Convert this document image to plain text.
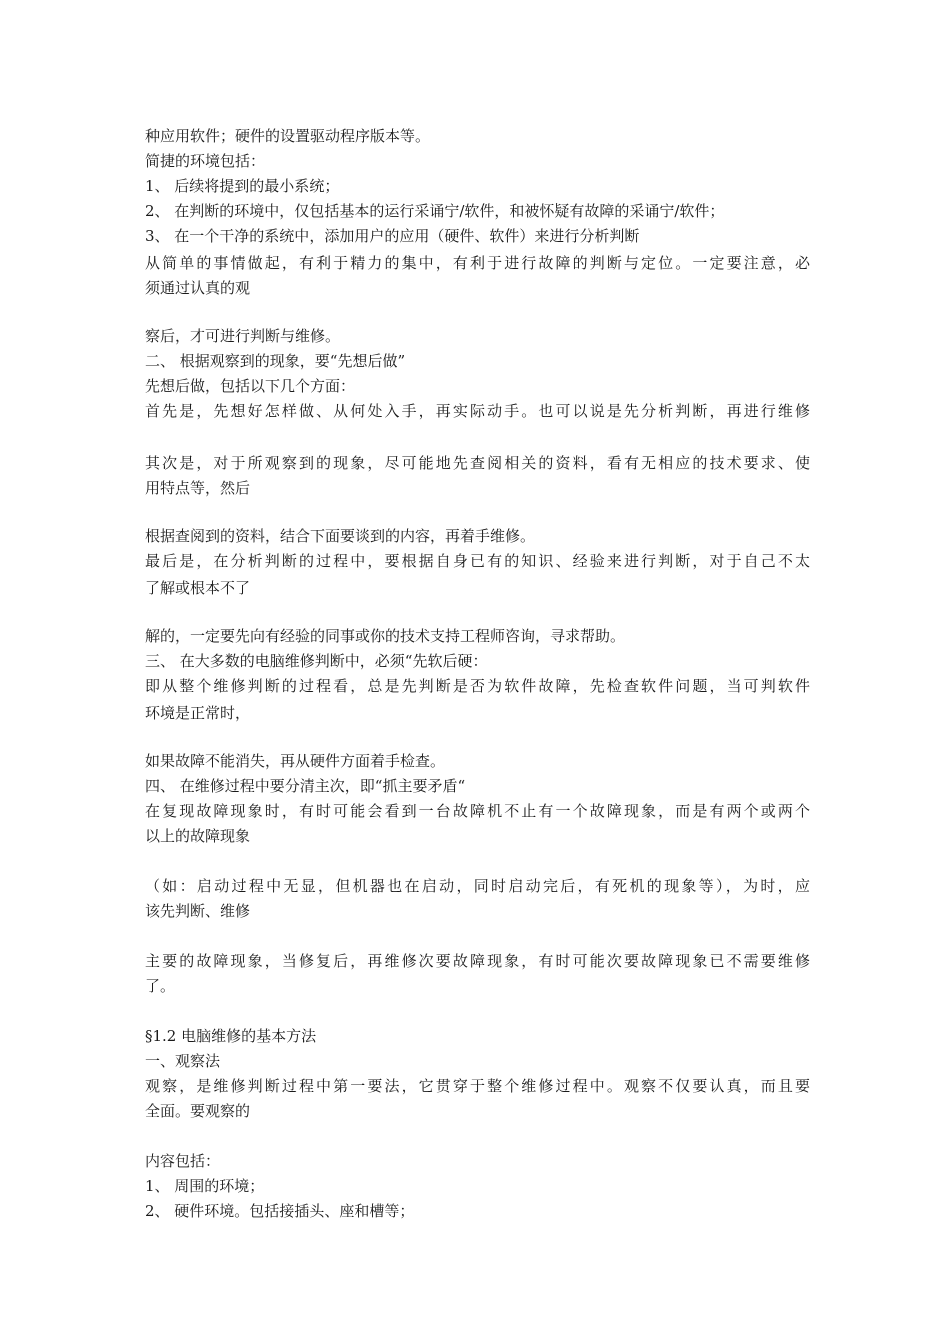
种应用软件；硬件的设置驱动程序版本等。
简捷的环境包括：
1、 后续将提到的最小系统；
2、 在判断的环境中，仅包括基本的运行采诵宁/软件，和被怀疑有故障的采诵宁/软件；
3、 在一个干净的系统中，添加用户的应用（硬件、软件）来进行分析判断
从简单的事情做起，有利于精力的集中，有利于进行故障的判断与定位。一定要注意，必
须通过认真的观
察后，才可进行判断与维修。
二、 根据观察到的现象，要“先想后做”
先想后做，包括以下几个方面：
首先是，先想好怎样做、从何处入手，再实际动手。也可以说是先分析判断，再进行维修
其次是，对于所观察到的现象，尽可能地先查阅相关的资料，看有无相应的技术要求、使
用特点等，然后
根据查阅到的资料，结合下面要谈到的内容，再着手维修。
最后是，在分析判断的过程中，要根据自身已有的知识、经验来进行判断，对于自己不太
了解或根本不了
解的，一定要先向有经验的同事或你的技术支持工程师咨询，寻求帮助。
三、 在大多数的电脑维修判断中，必须“先软后硬：
即从整个维修判断的过程看，总是先判断是否为软件故障，先检查软件问题，当可判软件
环境是正常时，
如果故障不能消失，再从硬件方面着手检查。
四、 在维修过程中要分清主次，即“抓主要矛盾“
在复现故障现象时，有时可能会看到一台故障机不止有一个故障现象，而是有两个或两个
以上的故障现象
（如：启动过程中无显，但机器也在启动，同时启动完后，有死机的现象等），为时，应
该先判断、维修
主要的故障现象，当修复后，再维修次要故障现象，有时可能次要故障现象已不需要维修
了。
§1.2 电脑维修的基本方法
一、观察法
观察，是维修判断过程中第一要法，它贯穿于整个维修过程中。观察不仅要认真，而且要
全面。要观察的
内容包括：
1、 周围的环境；
2、 硬件环境。包括接插头、座和槽等；
